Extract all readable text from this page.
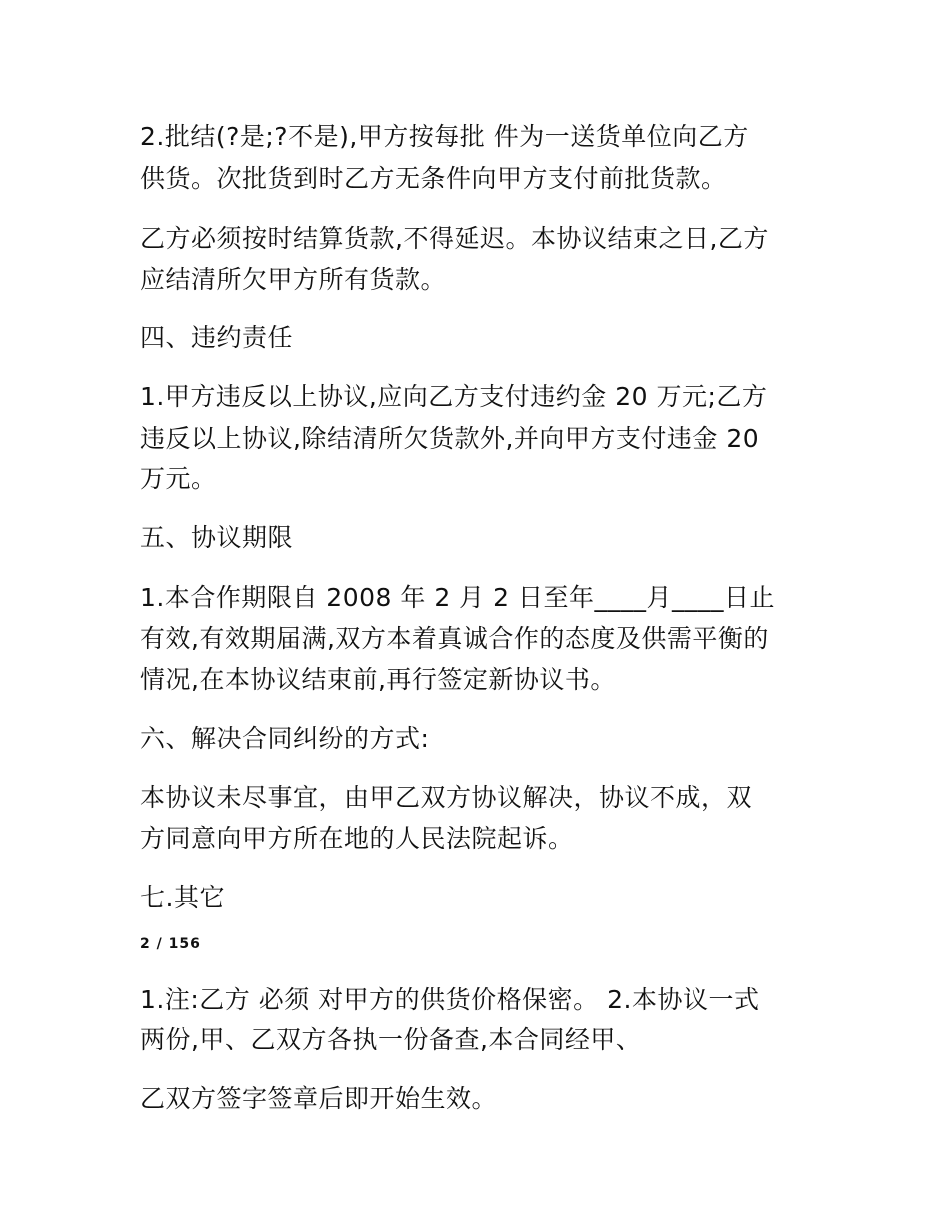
2.批结(?是;?不是),甲方按每批 件为一送货单位向乙方
供货。次批货到时乙方无条件向甲方支付前批货款。
乙方必须按时结算货款,不得延迟。本协议结束之日,乙方
应结清所欠甲方所有货款。
四、违约责任
1.甲方违反以上协议,应向乙方支付违约金 20 万元;乙方
违反以上协议,除结清所欠货款外,并向甲方支付违金 20
万元。
五、协议期限
1.本合作期限自 2008 年 2 月 2 日至年____月____日止
有效,有效期届满,双方本着真诚合作的态度及供需平衡的
情况,在本协议结束前,再行签定新协议书。
六、解决合同纠纷的方式:
本协议未尽事宜，由甲乙双方协议解决，协议不成，双
方同意向甲方所在地的人民法院起诉。
七.其它
2 / 156
1.注:乙方 必须 对甲方的供货价格保密。 2.本协议一式
两份,甲、乙双方各执一份备查,本合同经甲、
乙双方签字签章后即开始生效。
